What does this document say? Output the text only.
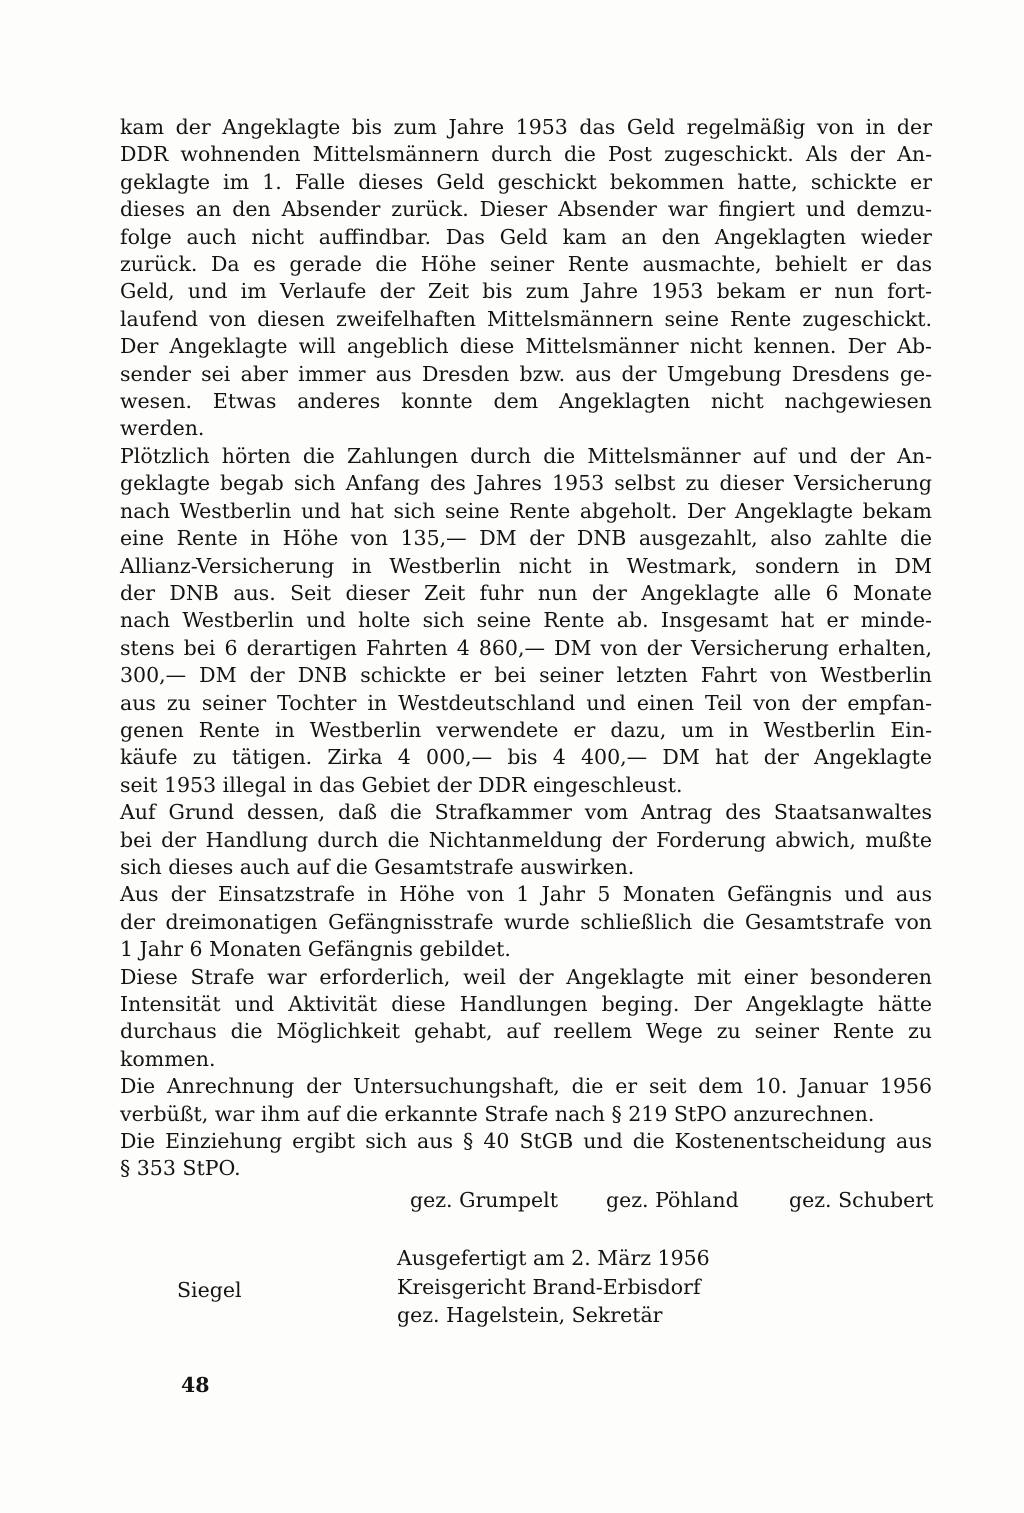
kam der Angeklagte bis zum Jahre 1953 das Geld regelmäßig von in der
DDR wohnenden Mittelsmännern durch die Post zugeschickt. Als der An-
geklagte im 1. Falle dieses Geld geschickt bekommen hatte, schickte er
dieses an den Absender zurück. Dieser Absender war fingiert und demzu-
folge auch nicht auffindbar. Das Geld kam an den Angeklagten wieder
zurück. Da es gerade die Höhe seiner Rente ausmachte, behielt er das
Geld, und im Verlaufe der Zeit bis zum Jahre 1953 bekam er nun fort-
laufend von diesen zweifelhaften Mittelsmännern seine Rente zugeschickt.
Der Angeklagte will angeblich diese Mittelsmänner nicht kennen. Der Ab-
sender sei aber immer aus Dresden bzw. aus der Umgebung Dresdens ge-
wesen. Etwas anderes konnte dem Angeklagten nicht nachgewiesen
werden.
Plötzlich hörten die Zahlungen durch die Mittelsmänner auf und der An-
geklagte begab sich Anfang des Jahres 1953 selbst zu dieser Versicherung
nach Westberlin und hat sich seine Rente abgeholt. Der Angeklagte bekam
eine Rente in Höhe von 135,— DM der DNB ausgezahlt, also zahlte die
Allianz-Versicherung in Westberlin nicht in Westmark, sondern in DM
der DNB aus. Seit dieser Zeit fuhr nun der Angeklagte alle 6 Monate
nach Westberlin und holte sich seine Rente ab. Insgesamt hat er minde-
stens bei 6 derartigen Fahrten 4 860,— DM von der Versicherung erhalten,
300,— DM der DNB schickte er bei seiner letzten Fahrt von Westberlin
aus zu seiner Tochter in Westdeutschland und einen Teil von der empfan-
genen Rente in Westberlin verwendete er dazu, um in Westberlin Ein-
käufe zu tätigen. Zirka 4 000,— bis 4 400,— DM hat der Angeklagte
seit 1953 illegal in das Gebiet der DDR eingeschleust.
Auf Grund dessen, daß die Strafkammer vom Antrag des Staatsanwaltes
bei der Handlung durch die Nichtanmeldung der Forderung abwich, mußte
sich dieses auch auf die Gesamtstrafe auswirken.
Aus der Einsatzstrafe in Höhe von 1 Jahr 5 Monaten Gefängnis und aus
der dreimonatigen Gefängnisstrafe wurde schließlich die Gesamtstrafe von
1 Jahr 6 Monaten Gefängnis gebildet.
Diese Strafe war erforderlich, weil der Angeklagte mit einer besonderen
Intensität und Aktivität diese Handlungen beging. Der Angeklagte hätte
durchaus die Möglichkeit gehabt, auf reellem Wege zu seiner Rente zu
kommen.
Die Anrechnung der Untersuchungshaft, die er seit dem 10. Januar 1956
verbüßt, war ihm auf die erkannte Strafe nach § 219 StPO anzurechnen.
Die Einziehung ergibt sich aus § 40 StGB und die Kostenentscheidung aus
§ 353 StPO.
gez. Grumpelt gez. Pöhland gez. Schubert
Ausgefertigt am 2. März 1956
Kreisgericht Brand-Erbisdorf
gez. Hagelstein, Sekretär
Siegel
48
